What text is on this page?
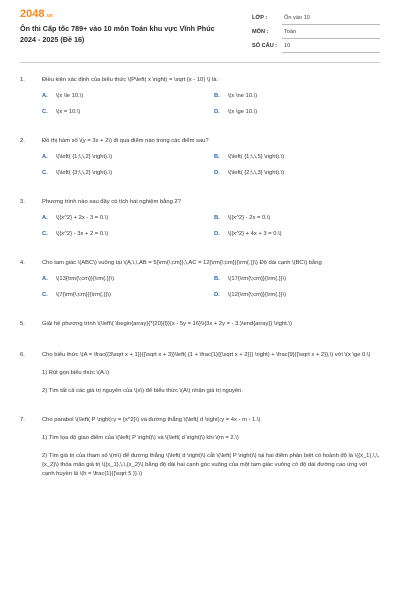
2048.vn
Ôn thi Cấp tốc 789+ vào 10 môn Toán khu vực Vĩnh Phúc
2024 - 2025 (Đề 16)
LỚP :	Ôn vào 10
MÔN :	Toán
SỐ CÂU : 10
1.	Điều kiện xác định của biểu thức \(P\left( x \right) = \sqrt {x - 10} \) là:
A. \(x \le 10.\)	B. \(x \ne 10.\)
C. \(x = 10.\)	D. \(x \ge 10.\)
2.	Đồ thị hàm số \(y = 3x + 2\) đi qua điểm nào trong các điểm sau?
A. \(\left( {1;\,\,2} \right).\)	B. \(\left( {1;\,\,5} \right).\)
C. \(\left( {3;\,\,2} \right).\)	D. \(\left( {2;\,\,3} \right).\)
3.	Phương trình nào sau đây có tích hai nghiệm bằng 2?
A. \({x^2} + 2x - 3 = 0.\)	B. \({x^2} - 2x = 0.\)
C. \({x^2} - 3x + 2 = 0.\)	D. \({x^2} + 4x + 3 = 0.\)
4.	Cho tam giác \(ABC\) vuông tại \(A,\,\,AB = 5{\rm{\;cm}},\,AC = 12{\rm{\;cm}}{\rm{.}}\) Độ dài cạnh \(BC\) bằng
A. \(13{\rm{\;cm}}{\rm{.}}\)	B. \(17{\rm{\;cm}}{\rm{.}}\)
C. \(7{\rm{\;cm}}{\rm{.}}\)	D. \(12{\rm{\;cm}}{\rm{.}}\)
5.	Giải hệ phương trình \(\left\{ \begin{array}{*{20}{l}}{x - 5y = 16}\\{3x + 2y = - 3.}\end{array}} \right.\)
6.	Cho biểu thức \(A = \frac{{3\sqrt x + 1}}{{\sqrt x + 3}}\left( {1 + \frac{1}{{\sqrt x + 2}}} \right) + \frac{9}{{\sqrt x + 2}},\) với \(x \ge 0.\)
1) Rút gọn biểu thức \(A.\)
2) Tìm tất cả các giá trị nguyên của \(x\) để biểu thức \(A\) nhận giá trị nguyên.
7.	Cho parabol \(\left( P \right):y = {x^2}\) và đường thẳng \(\left( d \right):y = 4x - m - 1.\)
1) Tìm tọa độ giao điểm của \(\left( P \right)\) và \(\left( d \right)\) khi \(m = 2.\)
2) Tìm giá trị của tham số \(m\) để đường thẳng \(\left( d \right)\) cắt \(\left( P \right)\) tại hai điểm phân biệt có hoành độ là \({x_1},\,\,{x_2}\) thỏa mãn giá trị \({x_1},\,\,{x_2}\) bằng độ dài hai cạnh góc vuông của một tam giác vuông có độ dài đường cao ứng với cạnh huyền là \(h = \frac{1}{{\sqrt 5 }}.\)
